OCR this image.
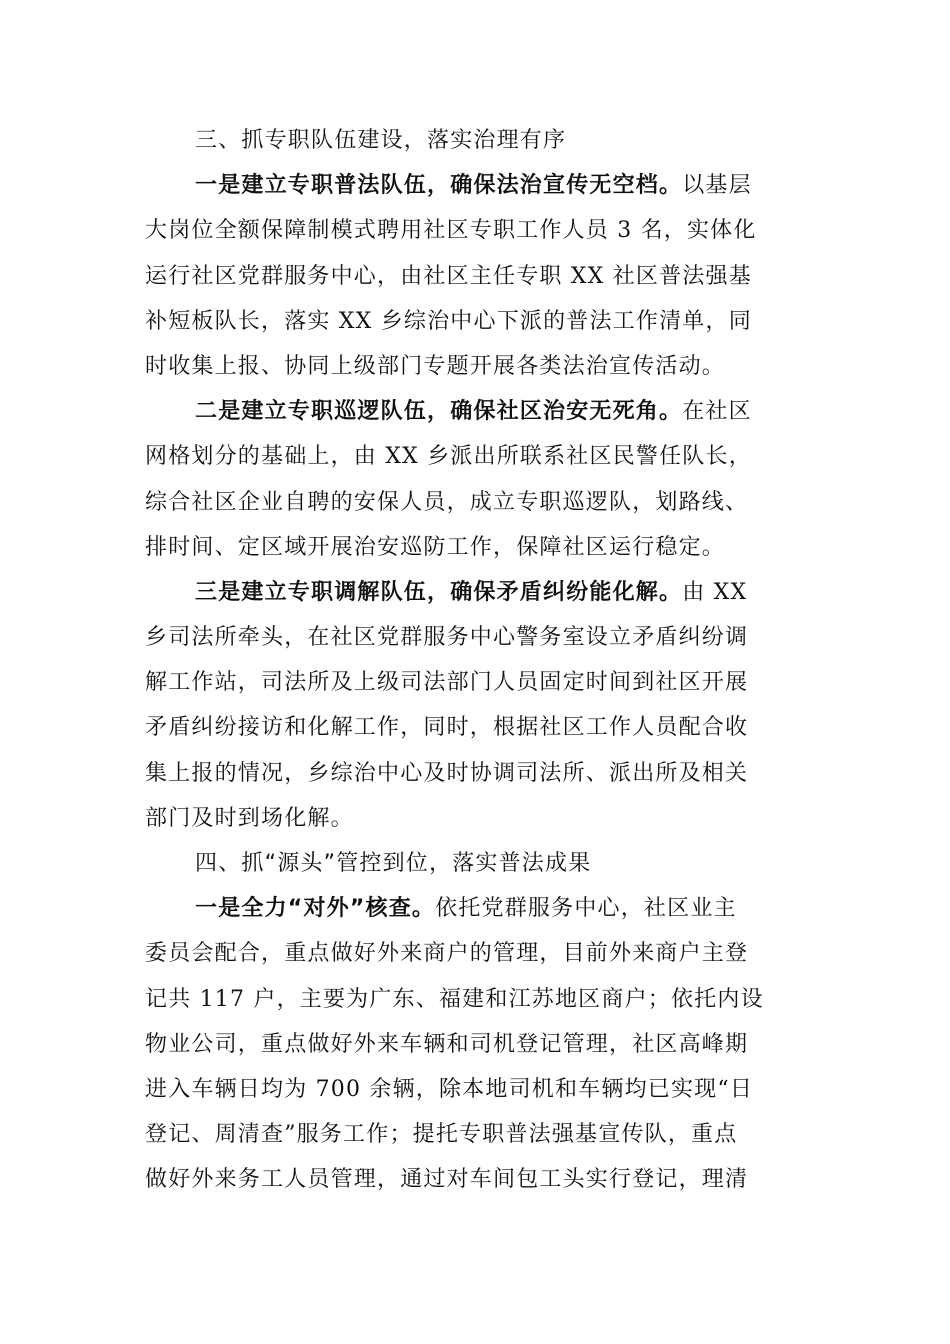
三、抓专职队伍建设，落实治理有序
一是建立专职普法队伍，确保法治宣传无空档。以基层
大岗位全额保障制模式聘用社区专职工作人员 3 名，实体化
运行社区党群服务中心，由社区主任专职 XX 社区普法强基
补短板队长，落实 XX 乡综治中心下派的普法工作清单，同
时收集上报、协同上级部门专题开展各类法治宣传活动。
二是建立专职巡逻队伍，确保社区治安无死角。在社区
网格划分的基础上，由 XX 乡派出所联系社区民警任队长，
综合社区企业自聘的安保人员，成立专职巡逻队，划路线、
排时间、定区域开展治安巡防工作，保障社区运行稳定。
三是建立专职调解队伍，确保矛盾纠纷能化解。由 XX
乡司法所牵头，在社区党群服务中心警务室设立矛盾纠纷调
解工作站，司法所及上级司法部门人员固定时间到社区开展
矛盾纠纷接访和化解工作，同时，根据社区工作人员配合收
集上报的情况，乡综治中心及时协调司法所、派出所及相关
部门及时到场化解。
四、抓“源头”管控到位，落实普法成果
一是全力“对外”核查。依托党群服务中心，社区业主
委员会配合，重点做好外来商户的管理，目前外来商户主登
记共 117 户，主要为广东、福建和江苏地区商户；依托内设
物业公司，重点做好外来车辆和司机登记管理，社区高峰期
进入车辆日均为 700 余辆，除本地司机和车辆均已实现“日
登记、周清查”服务工作；提托专职普法强基宣传队，重点
做好外来务工人员管理，通过对车间包工头实行登记，理清
